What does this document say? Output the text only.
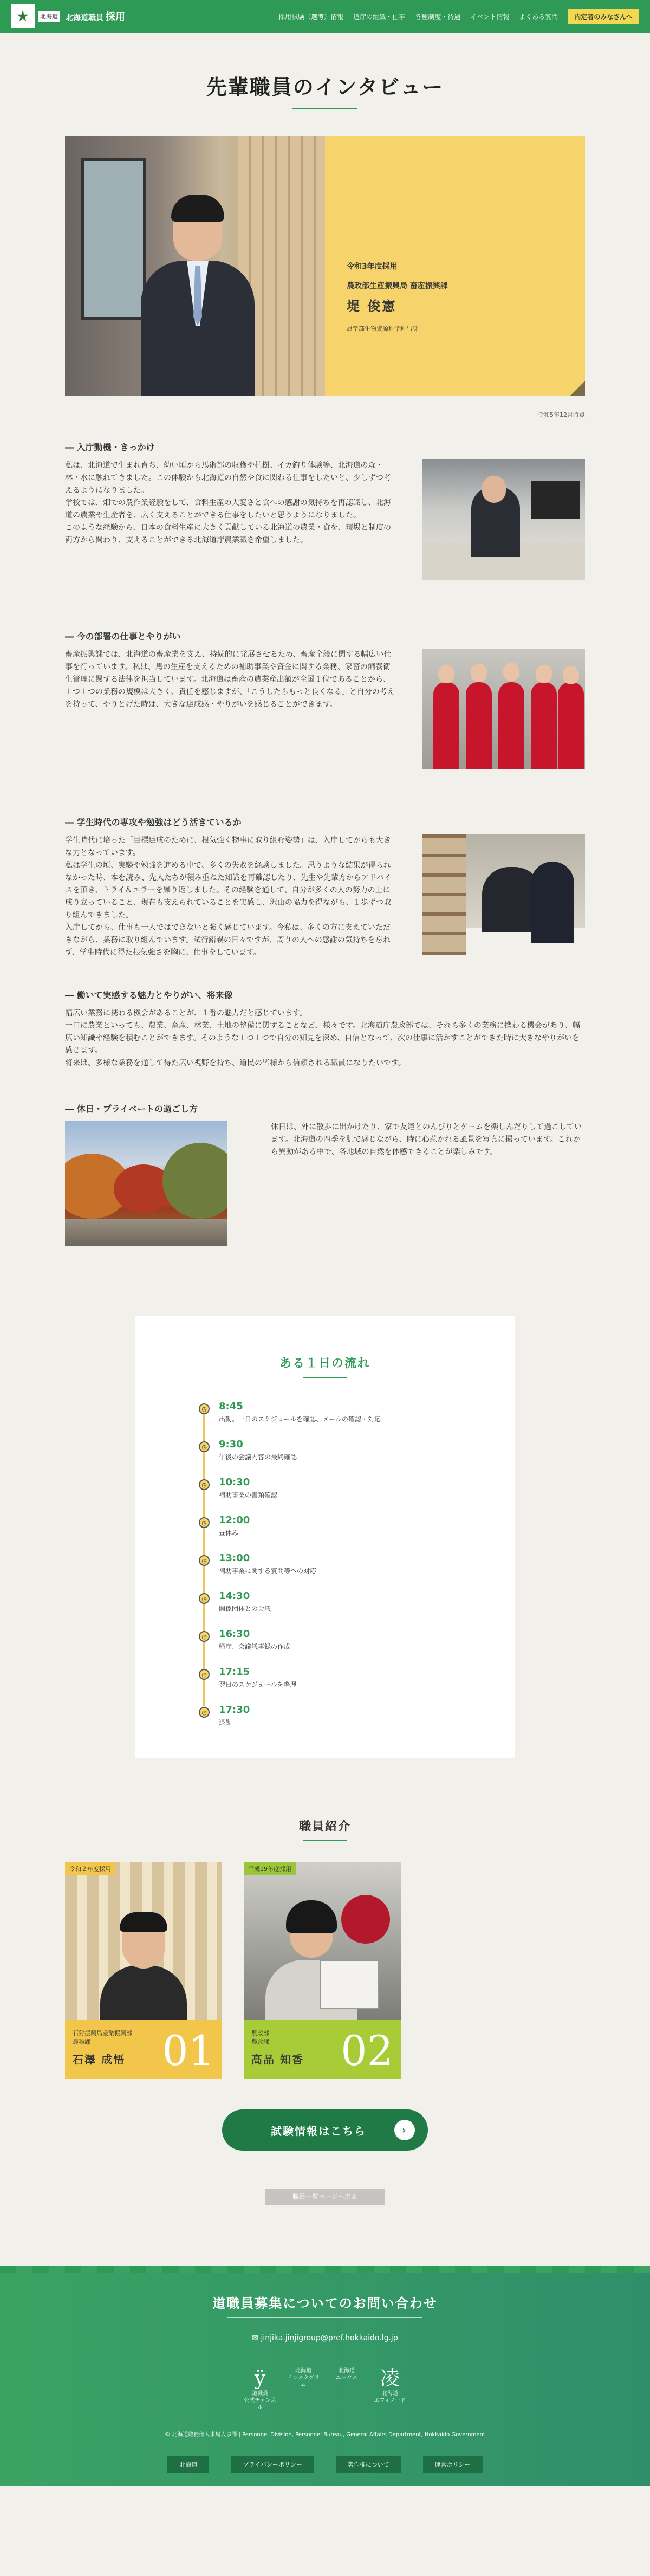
北海道 北海道職員 採用	採用試験（選考）情報 道庁の組織・仕事 各種制度・待遇 イベント情報 よくある質問	内定者のみなさんへ
先輩職員のインタビュー
令和3年度採用
農政部生産振興局 畜産振興課
堤 俊憲
農学部生物資源科学科出身
令和5年12月時点
― 入庁動機・きっかけ

私は、北海道で生まれ育ち、幼い頃から馬術部の収穫や植樹、イカ釣り体験等、北海道の森・林・水に触れてきました。この体験から北海道の自然や食に関わる仕事をしたいと、少しずつ考えるようになりました。
学校では、畑での農作業経験をして、食料生産の大変さと食への感謝の気持ちを再認識し、北海道の農業や生産者を、広く支えることができる仕事をしたいと思うようになりました。
このような経験から、日本の食料生産に大きく貢献している北海道の農業・食を、現場と制度の両方から関わり、支えることができる北海道庁農業職を希望しました。

― 今の部署の仕事とやりがい

畜産振興課では、北海道の畜産業を支え、持続的に発展させるため、畜産全般に関する幅広い仕事を行っています。私は、馬の生産を支えるための補助事業や資金に関する業務、家畜の飼養衛生管理に関する法律を担当しています。北海道は畜産の農業産出額が全国１位であることから、１つ１つの業務の規模は大きく、責任を感じますが、「こうしたらもっと良くなる」と自分の考えを持って、やりとげた時は、大きな達成感・やりがいを感じることができます。

― 学生時代の専攻や勉強はどう活きているか

学生時代に培った「目標達成のために、根気強く物事に取り組む姿勢」は、入庁してからも大きな力となっています。
私は学生の頃、実験や勉強を進める中で、多くの失敗を経験しました。思うような結果が得られなかった時、本を読み、先人たちが積み重ねた知識を再確認したり、先生や先輩方からアドバイスを頂き、トライ＆エラーを繰り返しました。その経験を通して、自分が多くの人の努力の上に成り立っていること、現在も支えられていることを実感し、沢山の協力を得ながら、１歩ずつ取り組んできました。
入庁してから、仕事も一人ではできないと強く感じています。今私は、多くの方に支えていただきながら、業務に取り組んでいます。試行錯誤の日々ですが、周りの人への感謝の気持ちを忘れず、学生時代に得た根気強さを胸に、仕事をしています。

― 働いて実感する魅力とやりがい、将来像

幅広い業務に携わる機会があることが、１番の魅力だと感じています。
一口に農業といっても、農業、畜産、林業、土地の整備に関することなど、様々です。北海道庁農政部では、それら多くの業務に携わる機会があり、幅広い知識や経験を積むことができます。そのような１つ１つで自分の知見を深め、自信となって、次の仕事に活かすことができた時に大きなやりがいを感じます。
将来は、多様な業務を通して得た広い視野を持ち、道民の皆様から信頼される職員になりたいです。

― 休日・プライベートの過ごし方

休日は、外に散歩に出かけたり、家で友達とのんびりとゲームを楽しんだりして過ごしています。北海道の四季を肌で感じながら、時に心惹かれる風景を写真に撮っています。これから異動がある中で、各地域の自然を体感できることが楽しみです。

ある１日の流れ
◷ 8:45
出勤。一日のスケジュールを確認、メールの確認・対応
◷ 9:30
午後の会議内容の最終確認
◷ 10:30
補助事業の書類確認
◷ 12:00
昼休み
◷ 13:00
補助事業に関する質問等への対応
◷ 14:30
関係団体との会議
◷ 16:30
帰庁、会議議事録の作成
◷ 17:15
翌日のスケジュールを整理
◷ 17:30
退勤
職員紹介
令和２年度採用
石狩振興局産業振興部
農務課
石澤 成悟 01
平成19年度採用
農政部
農政課
高品 知香 02
試験情報はこちら	›
職員一覧ページへ戻る
道職員募集についてのお問い合わせ
✉ jinjika.jinjigroup@pref.hokkaido.lg.jp
ÿ
道職員
公式チャンネル
北海道
インスタグラム
北海道
エックス	凌
北海道
エフィノード
© 北海道総務部人事局人事課 | Personnel Division, Personnel Bureau, General Affairs Department, Hokkaido Government
北海道	プライバシーポリシー	著作権について	運営ポリシー
